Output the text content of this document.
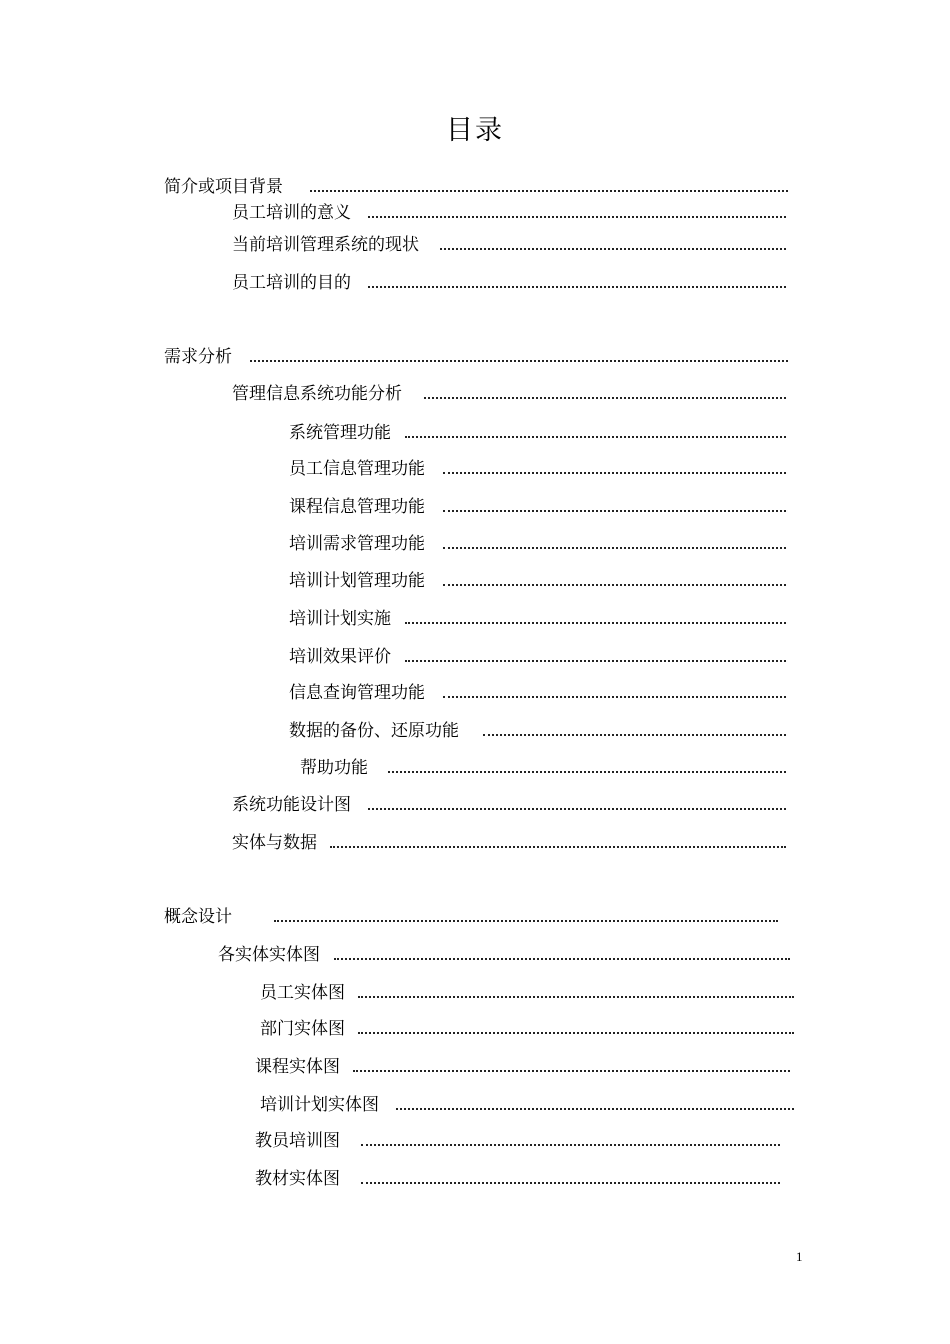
目录
简介或项目背景
员工培训的意义
当前培训管理系统的现状
员工培训的目的
需求分析
管理信息系统功能分析
系统管理功能
员工信息管理功能
课程信息管理功能
培训需求管理功能
培训计划管理功能
培训计划实施
培训效果评价
信息查询管理功能
数据的备份、还原功能
帮助功能
系统功能设计图
实体与数据
概念设计
各实体实体图
员工实体图
部门实体图
课程实体图
培训计划实体图
教员培训图
教材实体图
1
